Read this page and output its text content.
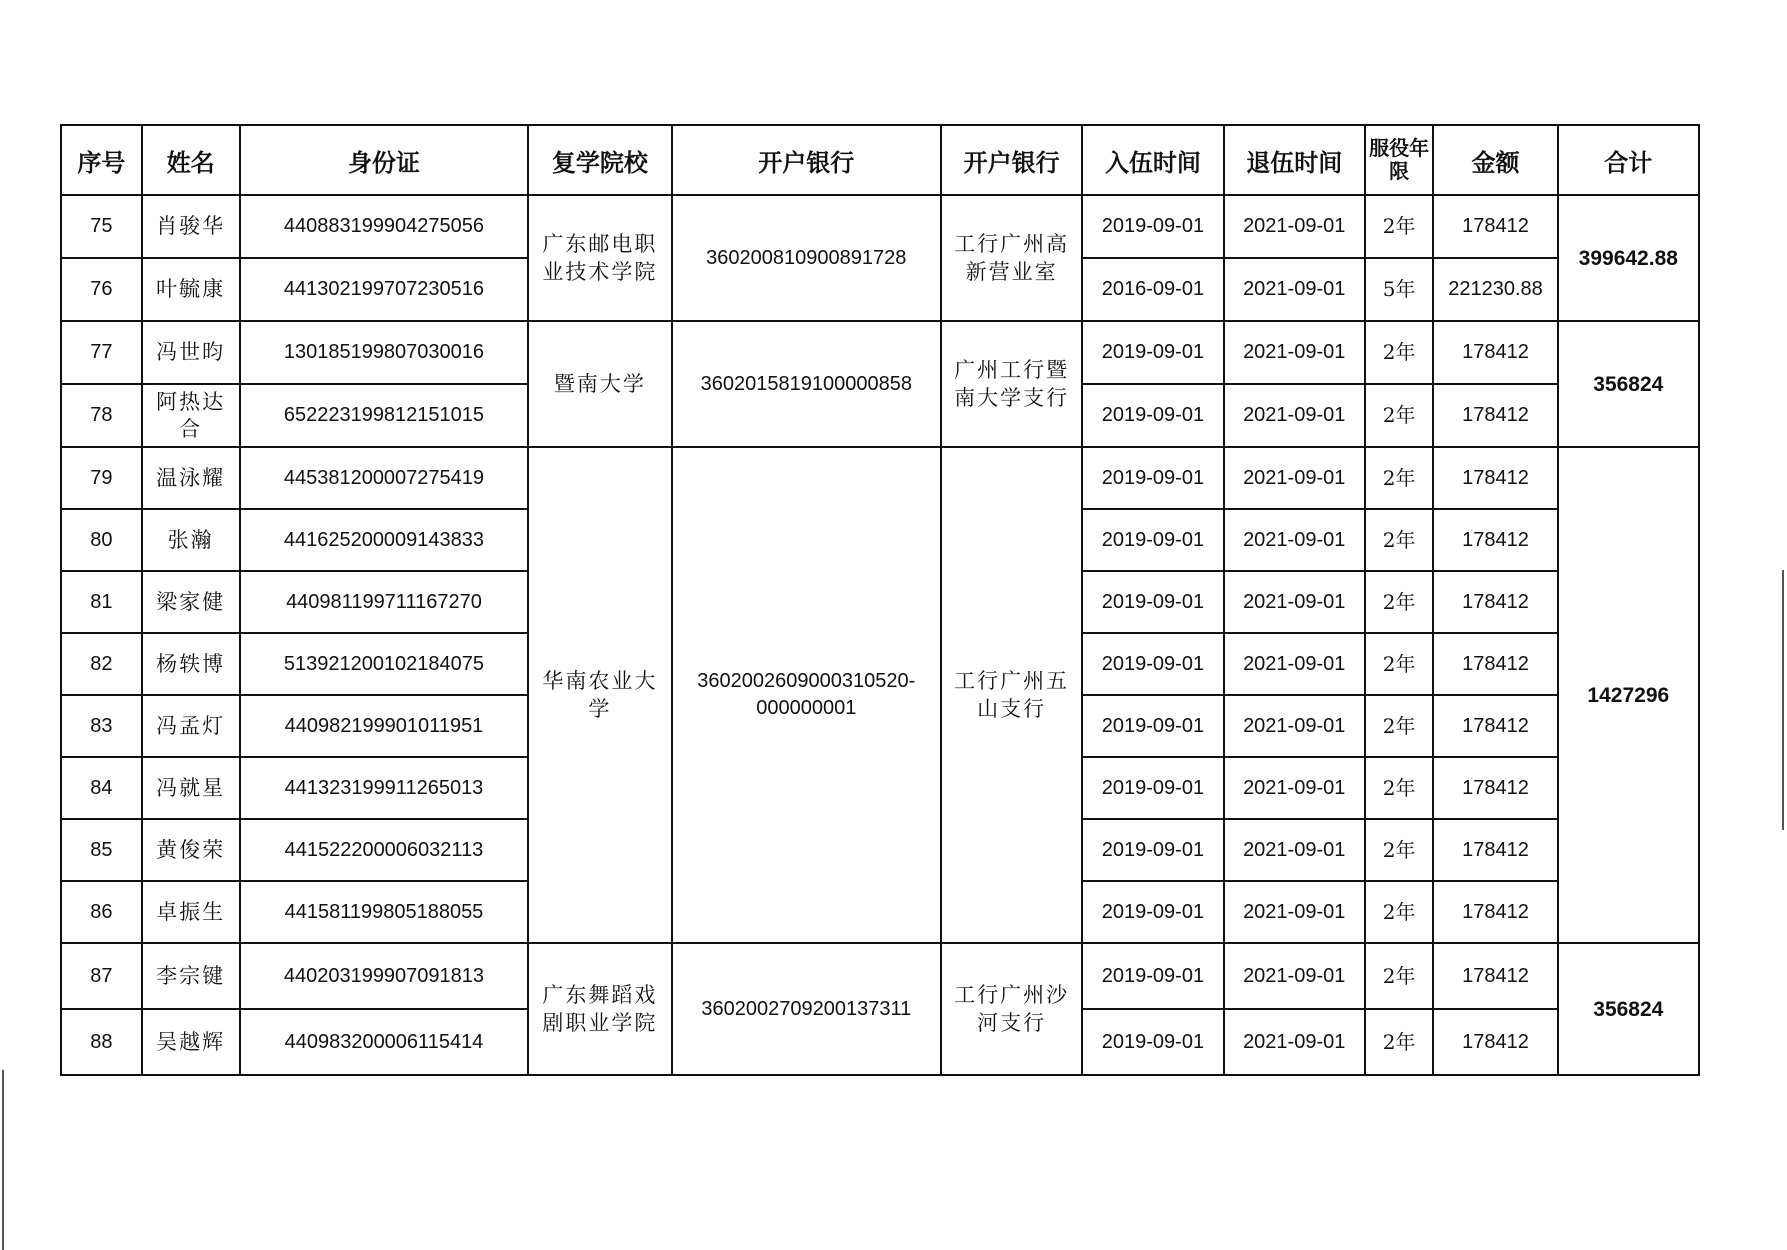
序号	姓名	身份证	复学院校	开户银行	开户银行	入伍时间	退伍时间	服役年限	金额	合计
75	肖骏华	440883199904275056	广东邮电职业技术学院	360200810900891728	工行广州高新营业室	2019-09-01	2021-09-01	2年	178412	399642.88
76	叶毓康	441302199707230516				2016-09-01	2021-09-01	5年	221230.88	
77	冯世昀	130185199807030016	暨南大学	3602015819100000858	广州工行暨南大学支行	2019-09-01	2021-09-01	2年	178412	356824
78	阿热达合	652223199812151015				2019-09-01	2021-09-01	2年	178412	
79	温泳耀	445381200007275419	华南农业大学	3602002609000310520-000000001	工行广州五山支行	2019-09-01	2021-09-01	2年	178412	1427296
80	张瀚	441625200009143833				2019-09-01	2021-09-01	2年	178412	
81	梁家健	440981199711167270				2019-09-01	2021-09-01	2年	178412	
82	杨轶博	513921200102184075				2019-09-01	2021-09-01	2年	178412	
83	冯孟灯	440982199901011951				2019-09-01	2021-09-01	2年	178412	
84	冯就星	441323199911265013				2019-09-01	2021-09-01	2年	178412	
85	黄俊荣	441522200006032113				2019-09-01	2021-09-01	2年	178412	
86	卓振生	441581199805188055				2019-09-01	2021-09-01	2年	178412	
87	李宗键	440203199907091813	广东舞蹈戏剧职业学院	3602002709200137311	工行广州沙河支行	2019-09-01	2021-09-01	2年	178412	356824
88	吴越辉	440983200006115414				2019-09-01	2021-09-01	2年	178412	
